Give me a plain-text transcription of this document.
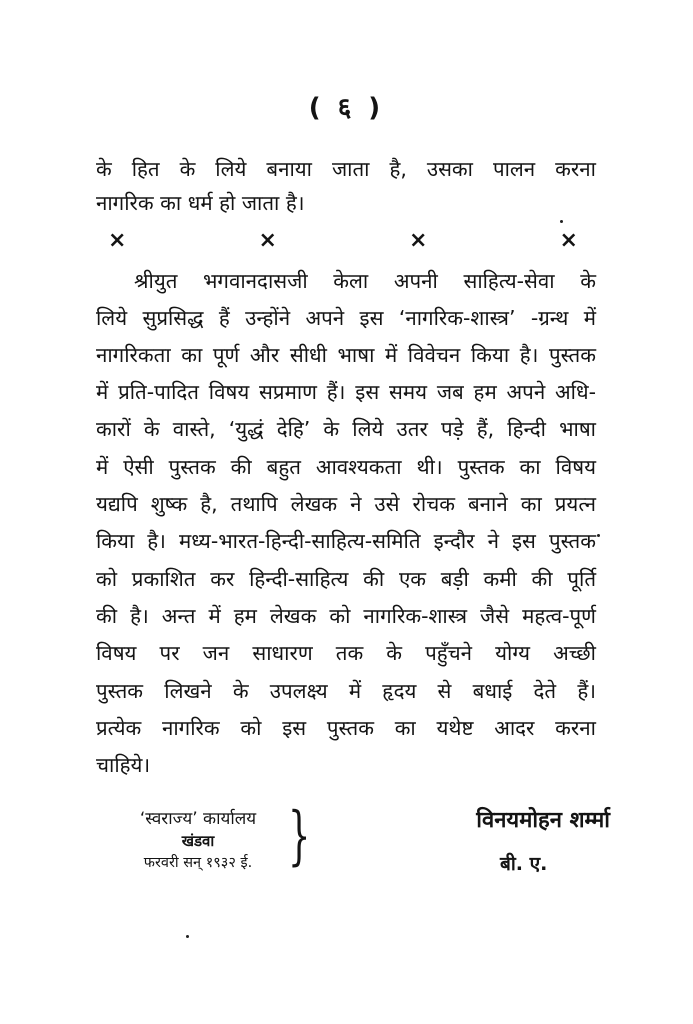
( ६ )
के हित के लिये बनाया जाता है, उसका पालन करना
नागरिक का धर्म हो जाता है।
×	×	×	×
श्रीयुत भगवानदासजी केला अपनी साहित्य-सेवा के
लिये सुप्रसिद्ध हैं उन्होंने अपने इस ‘नागरिक-शास्त्र’ -ग्रन्थ में
नागरिकता का पूर्ण और सीधी भाषा में विवेचन किया है। पुस्तक
में प्रति-पादित विषय सप्रमाण हैं। इस समय जब हम अपने अधि-
कारों के वास्ते, ‘युद्धं देहि’ के लिये उतर पड़े हैं, हिन्दी भाषा
में ऐसी पुस्तक की बहुत आवश्यकता थी। पुस्तक का विषय
यद्यपि शुष्क है, तथापि लेखक ने उसे रोचक बनाने का प्रयत्न
किया है। मध्य-भारत-हिन्दी-साहित्य-समिति इन्दौर ने इस पुस्तक
को प्रकाशित कर हिन्दी-साहित्य की एक बड़ी कमी की पूर्ति
की है। अन्त में हम लेखक को नागरिक-शास्त्र जैसे महत्व-पूर्ण
विषय पर जन साधारण तक के पहुँचने योग्य अच्छी
पुस्तक लिखने के उपलक्ष्य में हृदय से बधाई देते हैं।
प्रत्येक नागरिक को इस पुस्तक का यथेष्ट आदर करना
चाहिये।
‘स्वराज्य’ कार्यालय
खंडवा
फरवरी सन् १९३२ ई. }	विनयमोहन शर्म्मा
बी. ए.
